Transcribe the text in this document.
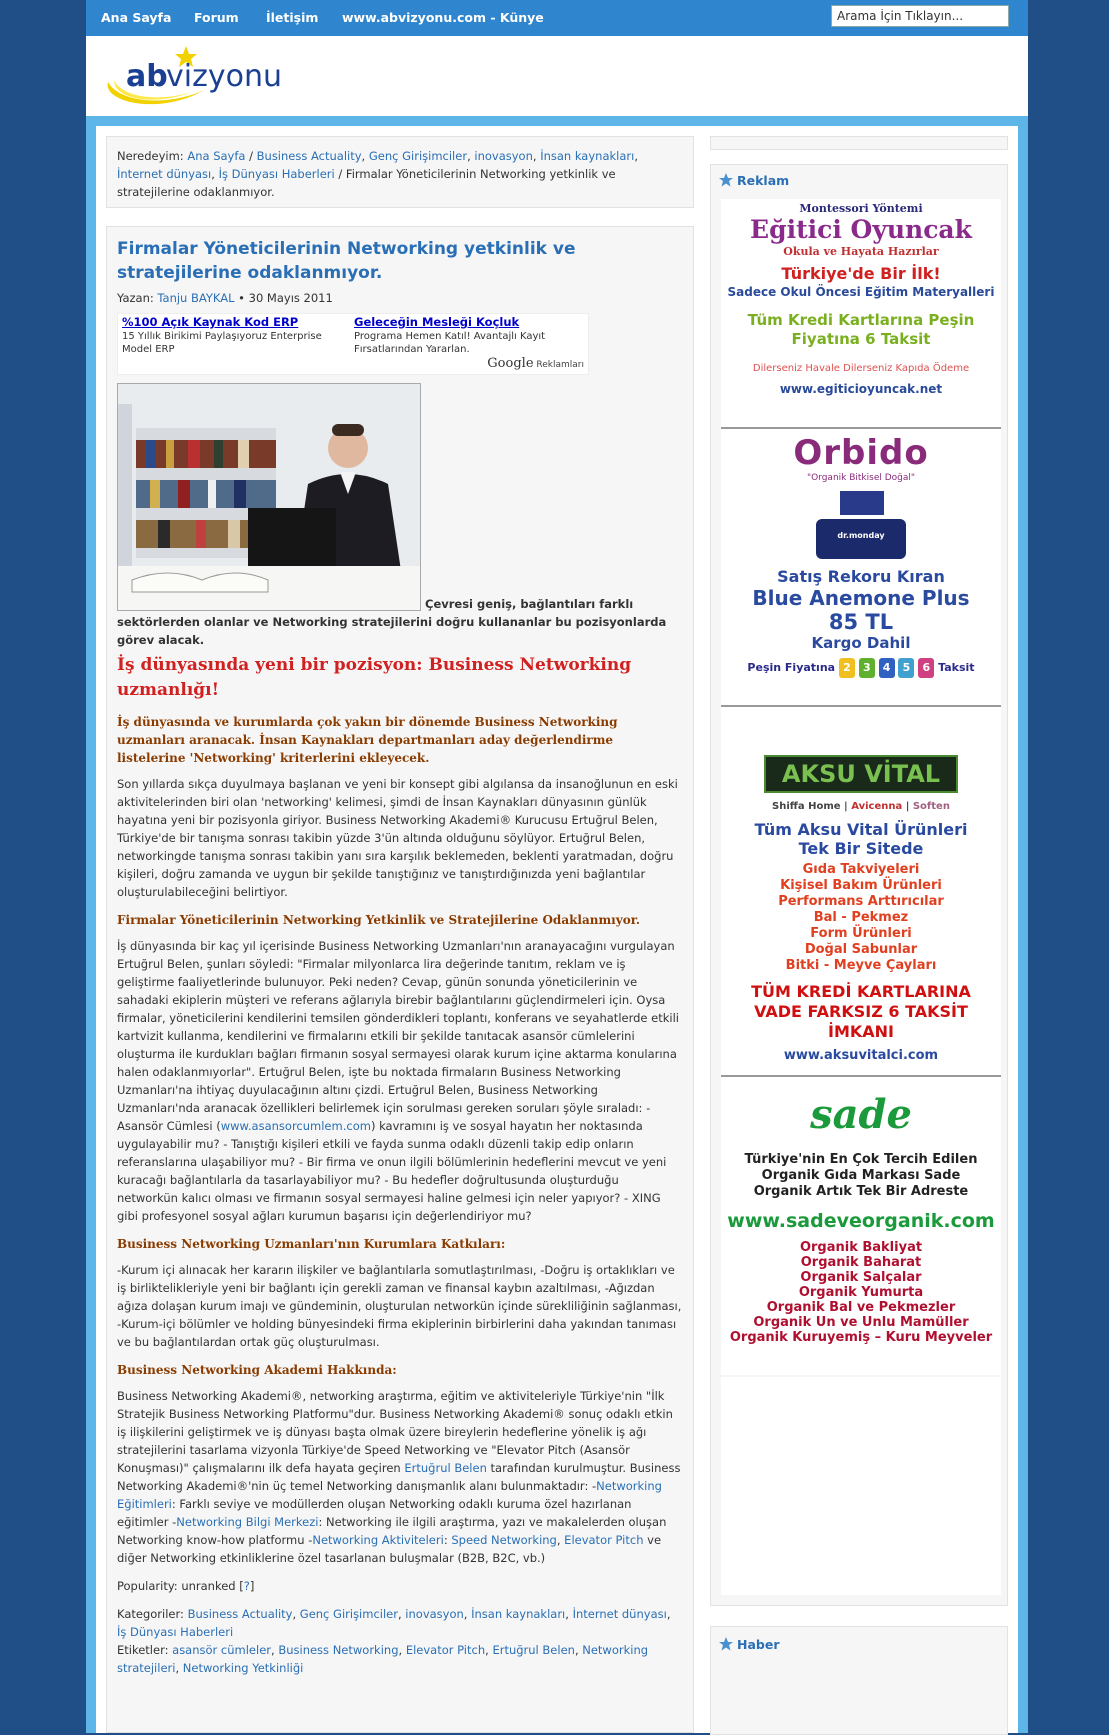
Ana Sayfa Forum İletişim www.abvizyonu.com - Künye
Arama İçin Tıklayın...
ab
vizyonu
Neredeyim: Ana Sayfa / Business Actuality, Genç Girişimciler, inovasyon, İnsan kaynakları, İnternet dünyası, İş Dünyası Haberleri / Firmalar Yöneticilerinin Networking yetkinlik ve stratejilerine odaklanmıyor.
Firmalar Yöneticilerinin Networking yetkinlik ve stratejilerine odaklanmıyor.
Yazan: Tanju BAYKAL • 30 Mayıs 2011
%100 Açık Kaynak Kod ERP
15 Yıllık Birikimi Paylaşıyoruz Enterprise Model ERP
Geleceğin Mesleği Koçluk
Programa Hemen Katıl! Avantajlı Kayıt Fırsatlarından Yararlan.
Google Reklamları
Çevresi geniş, bağlantıları farklı sektörlerden olanlar ve Networking stratejilerini doğru kullananlar bu pozisyonlarda görev alacak.
İş dünyasında yeni bir pozisyon: Business Networking uzmanlığı!
İş dünyasında ve kurumlarda çok yakın bir dönemde Business Networking uzmanları aranacak. İnsan Kaynakları departmanları aday değerlendirme listelerine 'Networking' kriterlerini ekleyecek.

Son yıllarda sıkça duyulmaya başlanan ve yeni bir konsept gibi algılansa da insanoğlunun en eski aktivitelerinden biri olan 'networking' kelimesi, şimdi de İnsan Kaynakları dünyasının günlük hayatına yeni bir pozisyonla giriyor. Business Networking Akademi® Kurucusu Ertuğrul Belen, Türkiye'de bir tanışma sonrası takibin yüzde 3'ün altında olduğunu söylüyor. Ertuğrul Belen, networkingde tanışma sonrası takibin yanı sıra karşılık beklemeden, beklenti yaratmadan, doğru kişileri, doğru zamanda ve uygun bir şekilde tanıştığınız ve tanıştırdığınızda yeni bağlantılar oluşturulabileceğini belirtiyor.

Firmalar Yöneticilerinin Networking Yetkinlik ve Stratejilerine Odaklanmıyor.

İş dünyasında bir kaç yıl içerisinde Business Networking Uzmanları'nın aranayacağını vurgulayan Ertuğrul Belen, şunları söyledi: "Firmalar milyonlarca lira değerinde tanıtım, reklam ve iş geliştirme faaliyetlerinde bulunuyor. Peki neden? Cevap, günün sonunda yöneticilerinin ve sahadaki ekiplerin müşteri ve referans ağlarıyla birebir bağlantılarını güçlendirmeleri için. Oysa firmalar, yöneticilerini kendilerini temsilen gönderdikleri toplantı, konferans ve seyahatlerde etkili kartvizit kullanma, kendilerini ve firmalarını etkili bir şekilde tanıtacak asansör cümlelerini oluşturma ile kurdukları bağları firmanın sosyal sermayesi olarak kurum içine aktarma konularına halen odaklanmıyorlar". Ertuğrul Belen, işte bu noktada firmaların Business Networking Uzmanları'na ihtiyaç duyulacağının altını çizdi. Ertuğrul Belen, Business Networking Uzmanları'nda aranacak özellikleri belirlemek için sorulması gereken soruları şöyle sıraladı: - Asansör Cümlesi (www.asansorcumlem.com) kavramını iş ve sosyal hayatın her noktasında uygulayabilir mu? - Tanıştığı kişileri etkili ve fayda sunma odaklı düzenli takip edip onların referanslarına ulaşabiliyor mu? - Bir firma ve onun ilgili bölümlerinin hedeflerini mevcut ve yeni kuracağı bağlantılarla da tasarlayabiliyor mu? - Bu hedefler doğrultusunda oluşturduğu networkün kalıcı olması ve firmanın sosyal sermayesi haline gelmesi için neler yapıyor? - XING gibi profesyonel sosyal ağları kurumun başarısı için değerlendiriyor mu?

Business Networking Uzmanları'nın Kurumlara Katkıları:

-Kurum içi alınacak her kararın ilişkiler ve bağlantılarla somutlaştırılması, -Doğru iş ortaklıkları ve iş birliktelikleriyle yeni bir bağlantı için gerekli zaman ve finansal kaybın azaltılması, -Ağızdan ağıza dolaşan kurum imajı ve gündeminin, oluşturulan networkün içinde sürekliliğinin sağlanması, -Kurum-içi bölümler ve holding bünyesindeki firma ekiplerinin birbirlerini daha yakından tanıması ve bu bağlantılardan ortak güç oluşturulması.

Business Networking Akademi Hakkında:

Business Networking Akademi®, networking araştırma, eğitim ve aktiviteleriyle Türkiye'nin "İlk Stratejik Business Networking Platformu"dur. Business Networking Akademi® sonuç odaklı etkin iş ilişkilerini geliştirmek ve iş dünyası başta olmak üzere bireylerin hedeflerine yönelik iş ağı stratejilerini tasarlama vizyonla Türkiye'de Speed Networking ve "Elevator Pitch (Asansör Konuşması)" çalışmalarını ilk defa hayata geçiren Ertuğrul Belen tarafından kurulmuştur. Business Networking Akademi®'nin üç temel Networking danışmanlık alanı bulunmaktadır: -Networking Eğitimleri: Farklı seviye ve modüllerden oluşan Networking odaklı kuruma özel hazırlanan eğitimler -Networking Bilgi Merkezi: Networking ile ilgili araştırma, yazı ve makalelerden oluşan Networking know-how platformu -Networking Aktiviteleri: Speed Networking, Elevator Pitch ve diğer Networking etkinliklerine özel tasarlanan buluşmalar (B2B, B2C, vb.)

Popularity: unranked [?]

Kategoriler: Business Actuality, Genç Girişimciler, inovasyon, İnsan kaynakları, İnternet dünyası, İş Dünyası Haberleri
Etiketler: asansör cümleler, Business Networking, Elevator Pitch, Ertuğrul Belen, Networking stratejileri, Networking Yetkinliği

Reklam
Montessori Yöntemi
Eğitici Oyuncak
Okula ve Hayata Hazırlar
Türkiye'de Bir İlk!
Sadece Okul Öncesi Eğitim Materyalleri
Tüm Kredi Kartlarına Peşin Fiyatına 6 Taksit
Dilerseniz Havale Dilerseniz Kapıda Ödeme
www.egiticioyuncak.net
Orbido
"Organik Bitkisel Doğal"
dr.monday
Satış Rekoru Kıran
Blue Anemone Plus
85 TL
Kargo Dahil
Peşin Fiyatına 2 3 4 5 6 Taksit
AKSU VİTAL
Shiffa Home | Avicenna | Soften
Tüm Aksu Vital Ürünleri
Tek Bir Sitede
Gıda Takviyeleri
Kişisel Bakım Ürünleri
Performans Arttırıcılar
Bal - Pekmez
Form Ürünleri
Doğal Sabunlar
Bitki - Meyve Çayları
TÜM KREDİ KARTLARINA VADE FARKSIZ 6 TAKSİT İMKANI
www.aksuvitalci.com
sade
Türkiye'nin En Çok Tercih Edilen Organik Gıda Markası Sade Organik Artık Tek Bir Adreste
www.sadeveorganik.com
Organik Bakliyat
Organik Baharat
Organik Salçalar
Organik Yumurta
Organik Bal ve Pekmezler
Organik Un ve Unlu Mamüller
Organik Kuruyemiş – Kuru Meyveler
Haber
